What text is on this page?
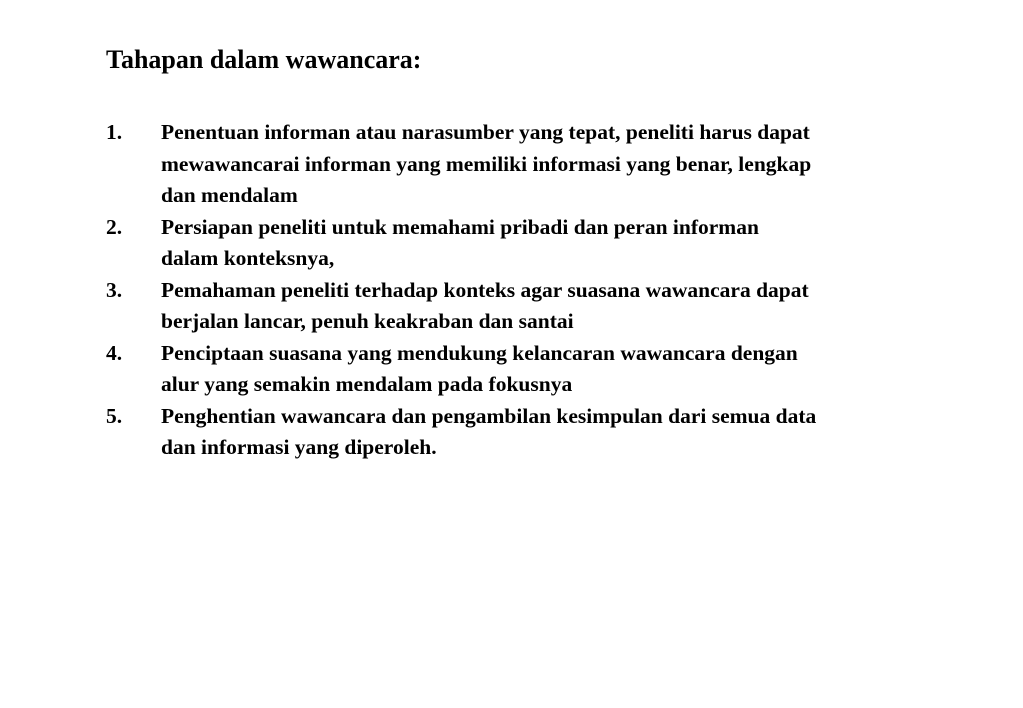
Tahapan dalam wawancara:
1.	Penentuan informan atau narasumber yang tepat, peneliti harus dapat
mewawancarai informan yang memiliki informasi yang benar, lengkap
dan mendalam
2.	Persiapan peneliti untuk memahami pribadi dan peran informan
dalam konteksnya,
3.	Pemahaman peneliti terhadap konteks agar suasana wawancara dapat
berjalan lancar, penuh keakraban dan santai
4.	Penciptaan suasana yang mendukung kelancaran wawancara dengan
alur yang semakin mendalam pada fokusnya
5.	Penghentian wawancara dan pengambilan kesimpulan dari semua data
dan informasi yang diperoleh.
